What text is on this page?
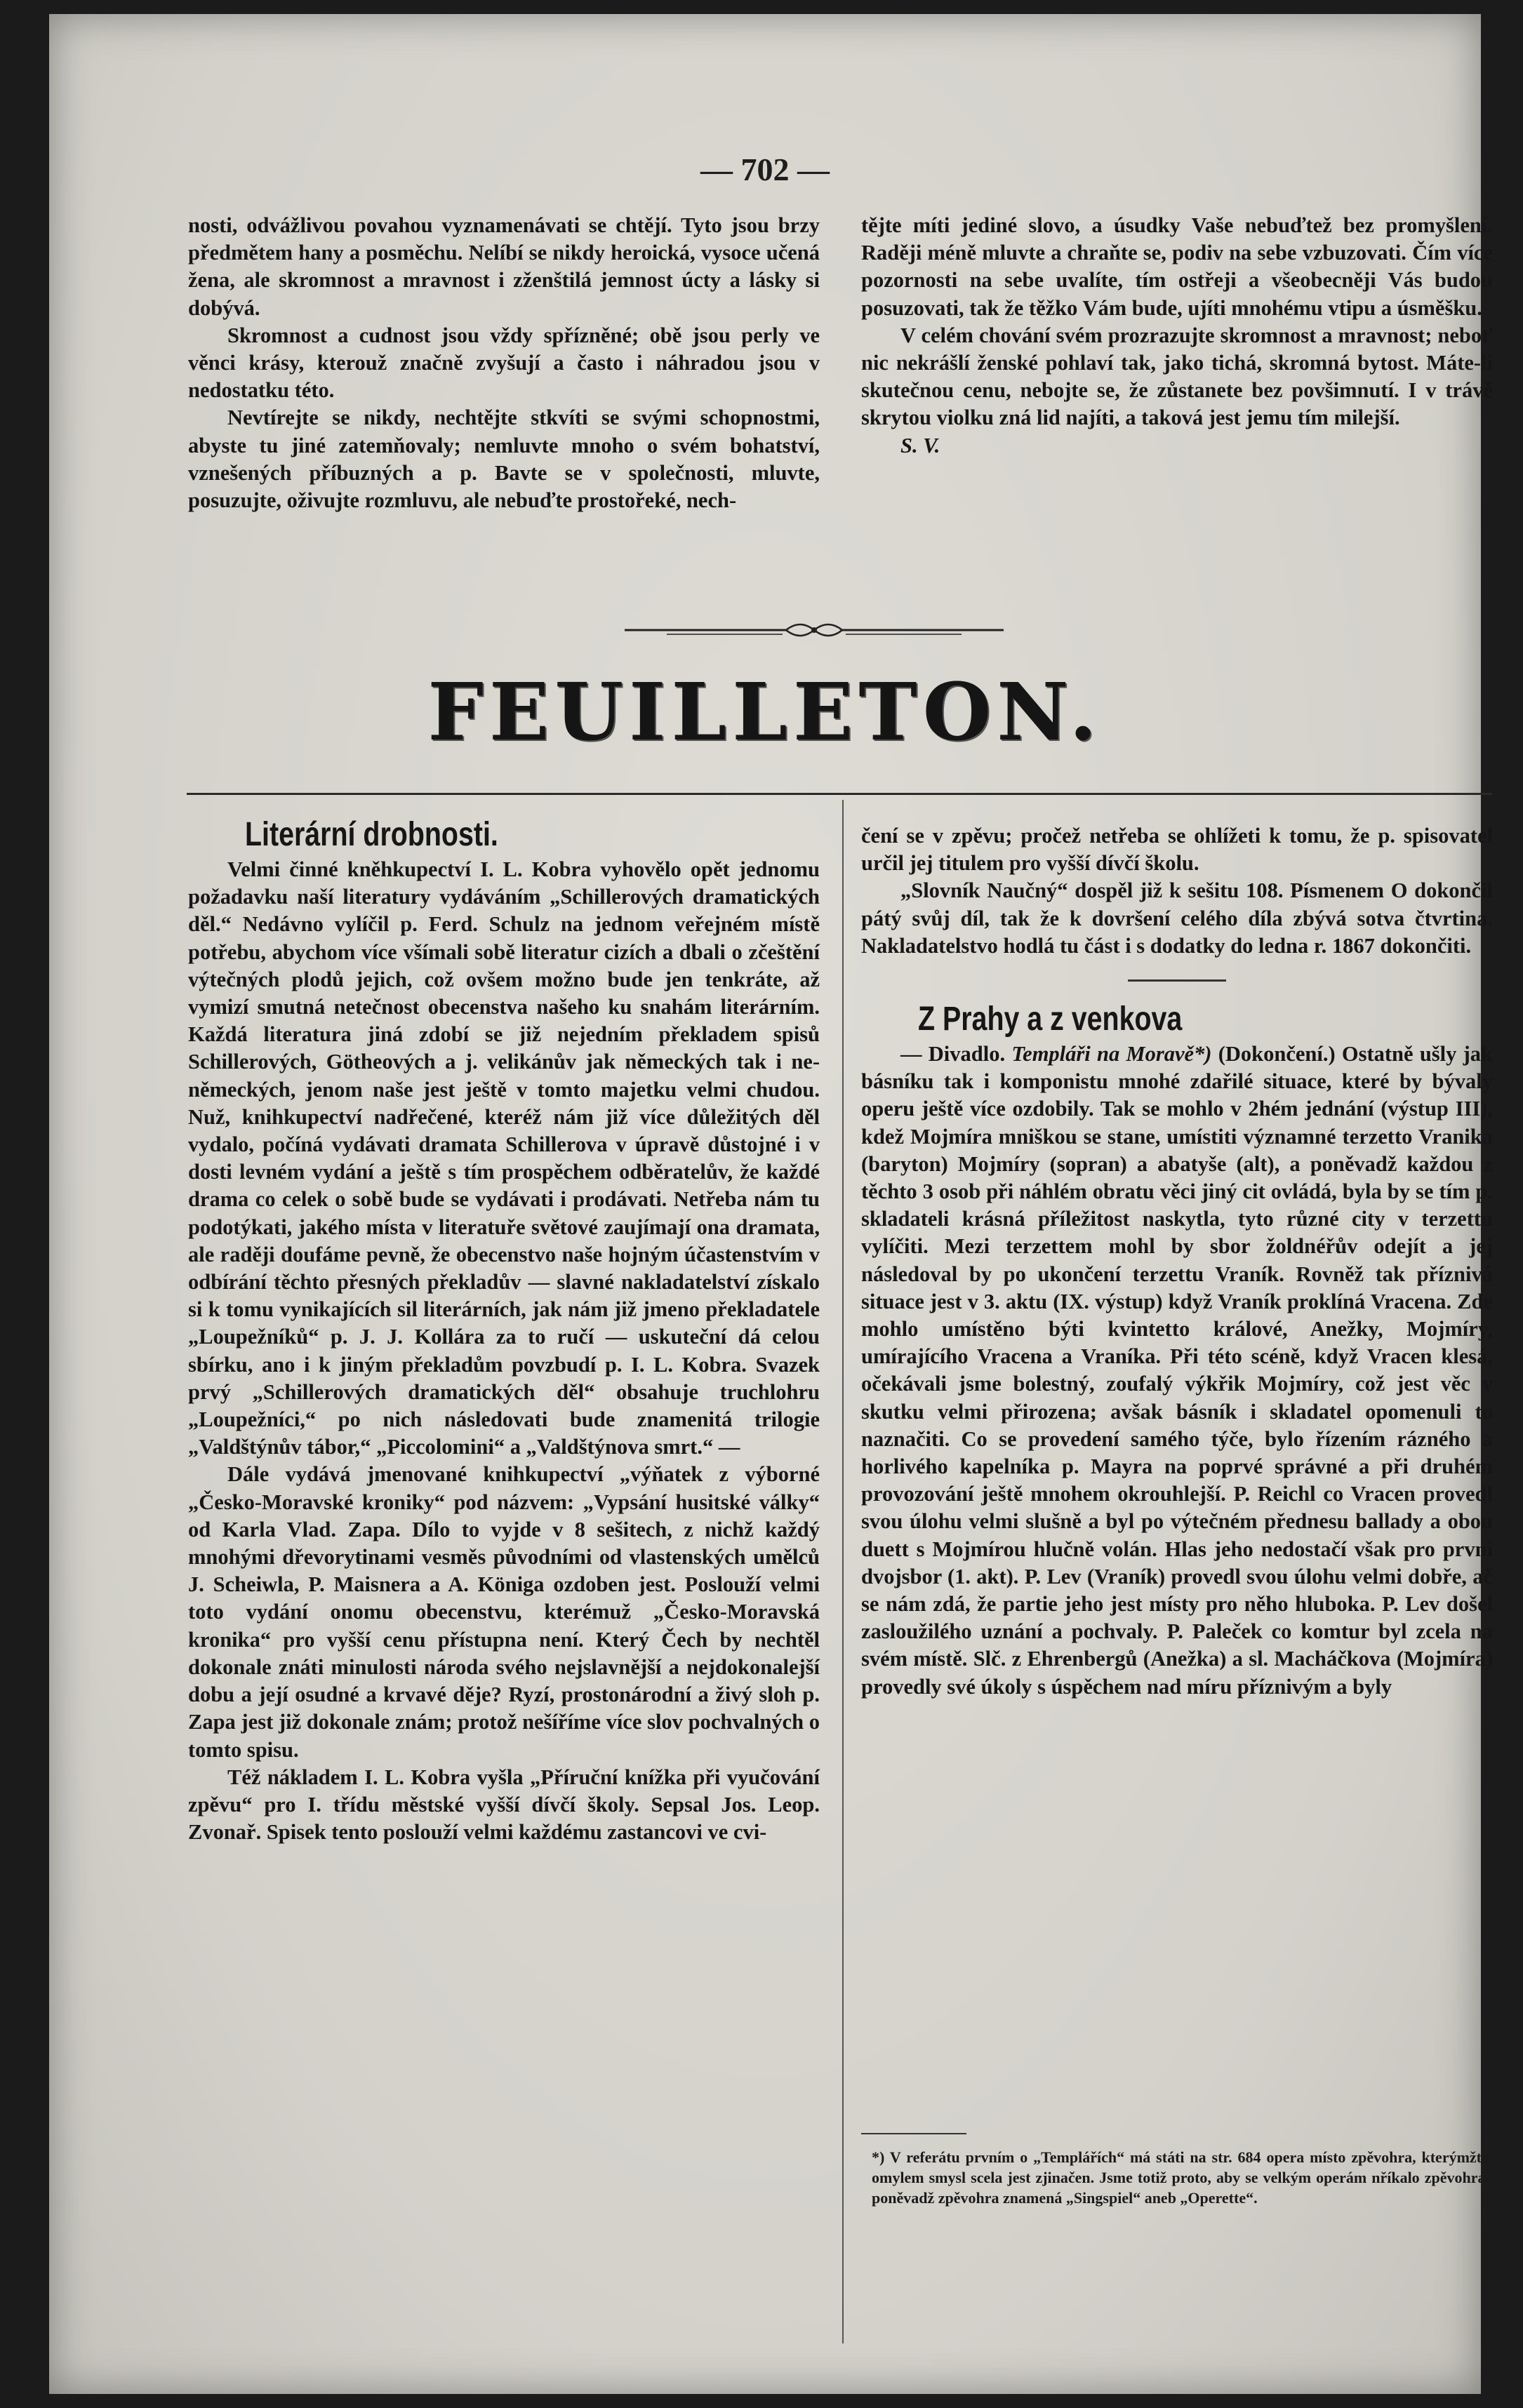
— 702 —

nosti, odvážlivou povahou vyznamenávati se chtějí. Tyto jsou brzy předmětem hany a posměchu. Nelíbí se nikdy heroická, vysoce učená žena, ale skromnost a mravnost i zženštilá jemnost úcty a lásky si dobývá.

Skromnost a cudnost jsou vždy spřízněné; obě jsou perly ve věnci krásy, kterouž značně zvyšují a často i náhradou jsou v nedostatku této.

Nevtírejte se nikdy, nechtějte stkvíti se svými schopnostmi, abyste tu jiné zatemňovaly; nemluvte mnoho o svém bohatství, vznešených příbuzných a p. Bavte se v společnosti, mluvte, posuzujte, oživujte rozmluvu, ale nebuďte prostořeké, nech-

tějte míti jediné slovo, a úsudky Vaše nebuďtež bez promyšlení. Raději méně mluvte a chraňte se, podiv na sebe vzbuzovati. Čím více pozornosti na sebe uvalíte, tím ostřeji a všeobecněji Vás budou posuzovati, tak že těžko Vám bude, ujíti mnohému vtipu a úsměšku.

V celém chování svém prozrazujte skromnost a mravnost; neboť nic nekrášlí ženské pohlaví tak, jako tichá, skromná bytost. Máte-li skutečnou cenu, nebojte se, že zůstanete bez povšimnutí. I v trávě skrytou violku zná lid najíti, a taková jest jemu tím milejší.

S. V.

FEUILLETON.

Literární drobnosti.

Velmi činné kněhkupectví I. L. Kobra vyhovělo opět jednomu požadavku naší literatury vydáváním „Schillerových dramatických děl.“ Nedávno vylíčil p. Ferd. Schulz na jednom veřejném místě potřebu, abychom více všímali sobě literatur cizích a dbali o zčeštění výtečných plodů jejich, což ovšem možno bude jen tenkráte, až vymizí smutná netečnost obecenstva našeho ku snahám literárním. Každá literatura jiná zdobí se již nejedním překladem spisů Schillerových, Götheových a j. velikánův jak německých tak i ne-německých, jenom naše jest ještě v tomto majetku velmi chudou. Nuž, knihkupectví nadřečené, kteréž nám již více důležitých děl vydalo, počíná vydávati dramata Schillerova v úpravě důstojné i v dosti levném vydání a ještě s tím prospěchem odběratelův, že každé drama co celek o sobě bude se vydávati i prodávati. Netřeba nám tu podotýkati, jakého místa v literatuře světové zaujímají ona dramata, ale raději doufáme pevně, že obecenstvo naše hojným účastenstvím v odbírání těchto přesných překladův — slavné nakladatelství získalo si k tomu vynikajících sil literárních, jak nám již jmeno překladatele „Loupežníků“ p. J. J. Kollára za to ručí — uskuteční dá celou sbírku, ano i k jiným překladům povzbudí p. I. L. Kobra. Svazek prvý „Schillerových dramatických děl“ obsahuje truchlohru „Loupežníci,“ po nich následovati bude znamenitá trilogie „Valdštýnův tábor,“ „Piccolomini“ a „Valdštýnova smrt.“ —

Dále vydává jmenované knihkupectví „výňatek z výborné „Česko-Moravské kroniky“ pod názvem: „Vypsání husitské války“ od Karla Vlad. Zapa. Dílo to vyjde v 8 sešitech, z nichž každý mnohými dřevorytinami vesměs původními od vlastenských umělců J. Scheiwla, P. Maisnera a A. Königa ozdoben jest. Poslouží velmi toto vydání onomu obecenstvu, kterémuž „Česko-Moravská kronika“ pro vyšší cenu přístupna není. Který Čech by nechtěl dokonale znáti minulosti národa svého nejslavnější a nejdokonalejší dobu a její osudné a krvavé děje? Ryzí, prostonárodní a živý sloh p. Zapa jest již dokonale znám; protož nešíříme více slov pochvalných o tomto spisu.

Též nákladem I. L. Kobra vyšla „Příruční knížka při vyučování zpěvu“ pro I. třídu městské vyšší dívčí školy. Sepsal Jos. Leop. Zvonař. Spisek tento poslouží velmi každému zastancovi ve cvi-

čení se v zpěvu; pročež netřeba se ohlížeti k tomu, že p. spisovatel určil jej titulem pro vyšší dívčí školu.

„Slovník Naučný“ dospěl již k sešitu 108. Písmenem O dokončil pátý svůj díl, tak že k dovršení celého díla zbývá sotva čtvrtina. Nakladatelstvo hodlá tu část i s dodatky do ledna r. 1867 dokončiti.

Z Prahy a z venkova

— Divadlo. Templáři na Moravě*) (Dokončení.) Ostatně ušly jak básníku tak i komponistu mnohé zdařilé situace, které by bývaly operu ještě více ozdobily. Tak se mohlo v 2hém jednání (výstup III), kdež Mojmíra mniškou se stane, umístiti významné terzetto Vranika (baryton) Mojmíry (sopran) a abatyše (alt), a poněvadž každou z těchto 3 osob při náhlém obratu věci jiný cit ovládá, byla by se tím p. skladateli krásná příležitost naskytla, tyto různé city v terzettu vylíčiti. Mezi terzettem mohl by sbor žoldnéřův odejít a jej následoval by po ukončení terzettu Vraník. Rovněž tak příznivá situace jest v 3. aktu (IX. výstup) když Vraník proklíná Vracena. Zde mohlo umístěno býti kvintetto králové, Anežky, Mojmíry, umírajícího Vracena a Vraníka. Při této scéně, když Vracen klesá, očekávali jsme bolestný, zoufalý výkřik Mojmíry, což jest věc v skutku velmi přirozena; avšak básník i skladatel opomenuli to naznačiti. Co se provedení samého týče, bylo řízením rázného a horlivého kapelníka p. Mayra na poprvé správné a při druhém provozování ještě mnohem okrouhlejší. P. Reichl co Vracen provedl svou úlohu velmi slušně a byl po výtečném přednesu ballady a obou duett s Mojmírou hlučně volán. Hlas jeho nedostačí však pro první dvojsbor (1. akt). P. Lev (Vraník) provedl svou úlohu velmi dobře, ač se nám zdá, že partie jeho jest místy pro něho hluboka. P. Lev došel zasloužilého uznání a pochvaly. P. Paleček co komtur byl zcela na svém místě. Slč. z Ehrenbergů (Anežka) a sl. Macháčkova (Mojmíra) provedly své úkoly s úspěchem nad míru příznivým a byly

*) V referátu prvním o „Templářích“ má státi na str. 684 opera místo zpěvohra, kterýmžto omylem smysl scela jest zjinačen. Jsme totiž proto, aby se velkým operám nříkalo zpěvohra, poněvadž zpěvohra znamená „Singspiel“ aneb „Operette“.
